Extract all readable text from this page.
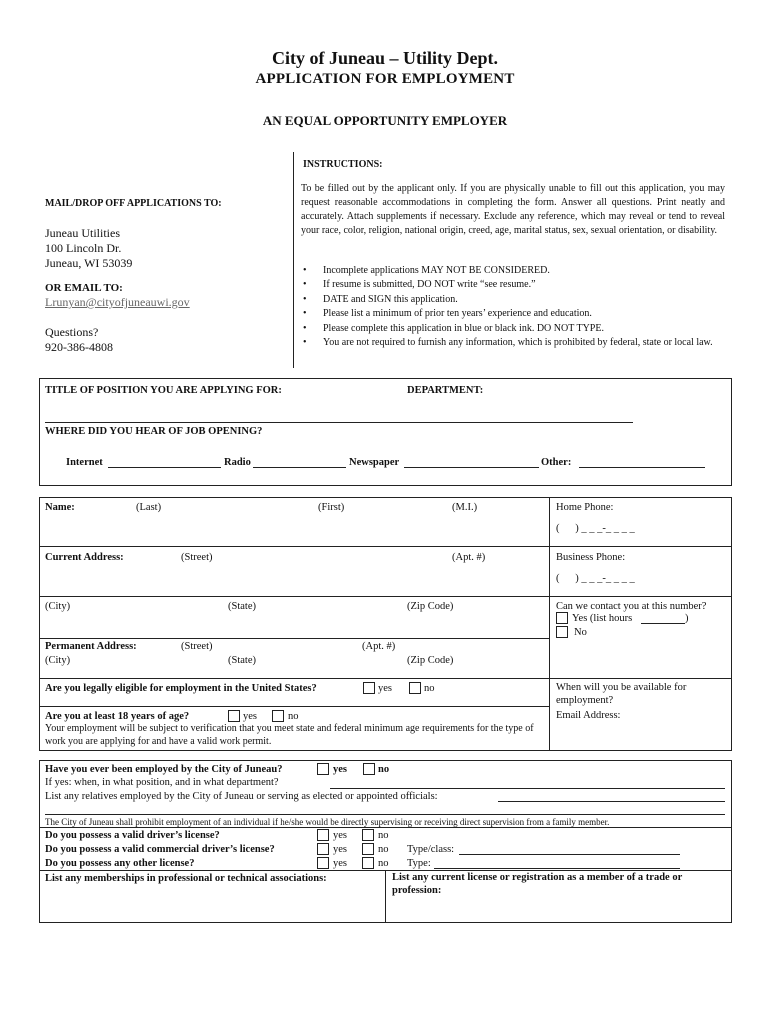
City of Juneau – Utility Dept.
APPLICATION FOR EMPLOYMENT
AN EQUAL OPPORTUNITY EMPLOYER
MAIL/DROP OFF APPLICATIONS TO:
Juneau Utilities
100 Lincoln Dr.
Juneau, WI 53039
OR EMAIL TO:
Lrunyan@cityofjuneauwi.gov
Questions?
920-386-4808
INSTRUCTIONS:
To be filled out by the applicant only. If you are physically unable to fill out this application, you may request reasonable accommodations in completing the form. Answer all questions. Print neatly and accurately. Attach supplements if necessary. Exclude any reference, which may reveal or tend to reveal your race, color, religion, national origin, creed, age, marital status, sex, sexual orientation, or disability.
• Incomplete applications MAY NOT BE CONSIDERED.
• If resume is submitted, DO NOT write “see resume.”
• DATE and SIGN this application.
• Please list a minimum of prior ten years’ experience and education.
• Please complete this application in blue or black ink. DO NOT TYPE.
• You are not required to furnish any information, which is prohibited by federal, state or local law.
TITLE OF POSITION YOU ARE APPLYING FOR:	DEPARTMENT:
WHERE DID YOU HEAR OF JOB OPENING?
Internet	Radio	Newspaper	Other:
Name:	(Last)	(First)	(M.I.)	Home Phone:
(      ) _ _ _-_ _ _ _
Current Address:	(Street)	(Apt. #)	Business Phone:
(      ) _ _ _-_ _ _ _
(City)	(State)	(Zip Code)	Can we contact you at this number?
Yes (list hours	)
No
Permanent Address:	(Street)	(Apt. #)
(City)	(State)	(Zip Code)
Are you legally eligible for employment in the United States?	yes	no	When will you be available for employment?
Are you at least 18 years of age?	yes	no
Your employment will be subject to verification that you meet state and federal minimum age requirements for the type of work you are applying for and have a valid work permit.
Email Address:
Have you ever been employed by the City of Juneau?	yes	no
If yes: when, in what position, and in what department?
List any relatives employed by the City of Juneau or serving as elected or appointed officials:
The City of Juneau shall prohibit employment of an individual if he/she would be directly supervising or receiving direct supervision from a family member.
Do you possess a valid driver’s license?	yes	no
Do you possess a valid commercial driver’s license?	yes	no Type/class:
Do you possess any other license?	yes	no Type:
List any memberships in professional or technical associations:	List any current license or registration as a member of a trade or profession:
